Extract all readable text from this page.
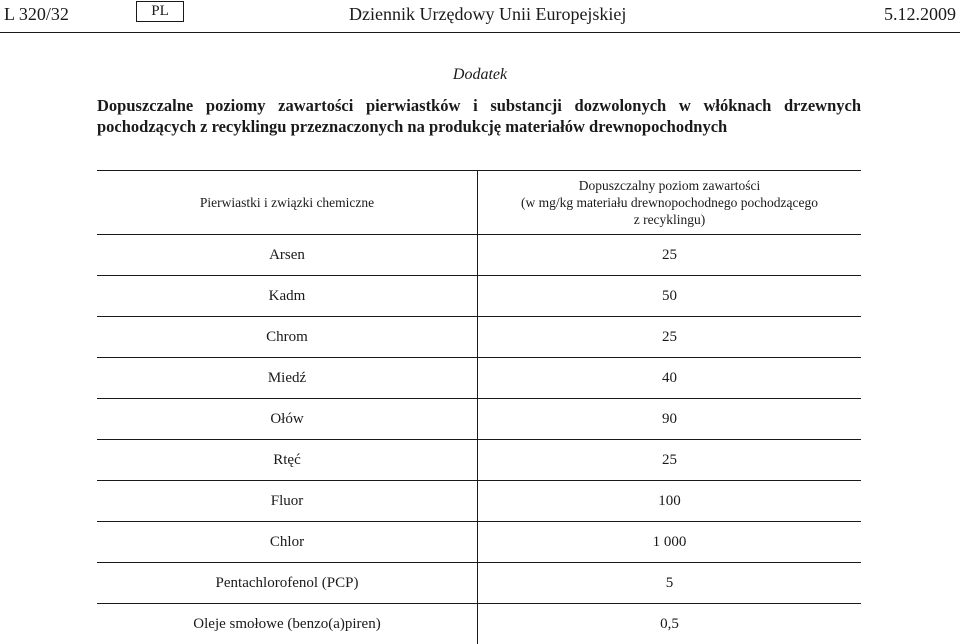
L 320/32	PL	Dziennik Urzędowy Unii Europejskiej	5.12.2009
Dodatek
Dopuszczalne poziomy zawartości pierwiastków i substancji dozwolonych w włóknach drzewnych pochodzących z recyklingu przeznaczonych na produkcję materiałów drewnopochodnych
Pierwiastki i związki chemiczne	Dopuszczalny poziom zawartości
(w mg/kg materiału drewnopochodnego pochodzącego
z recyklingu)

Arsen	25
Kadm	50
Chrom	25
Miedź	40
Ołów	90
Rtęć	25
Fluor	100
Chlor	1 000
Pentachlorofenol (PCP)	5
Oleje smołowe (benzo(a)piren)	0,5
